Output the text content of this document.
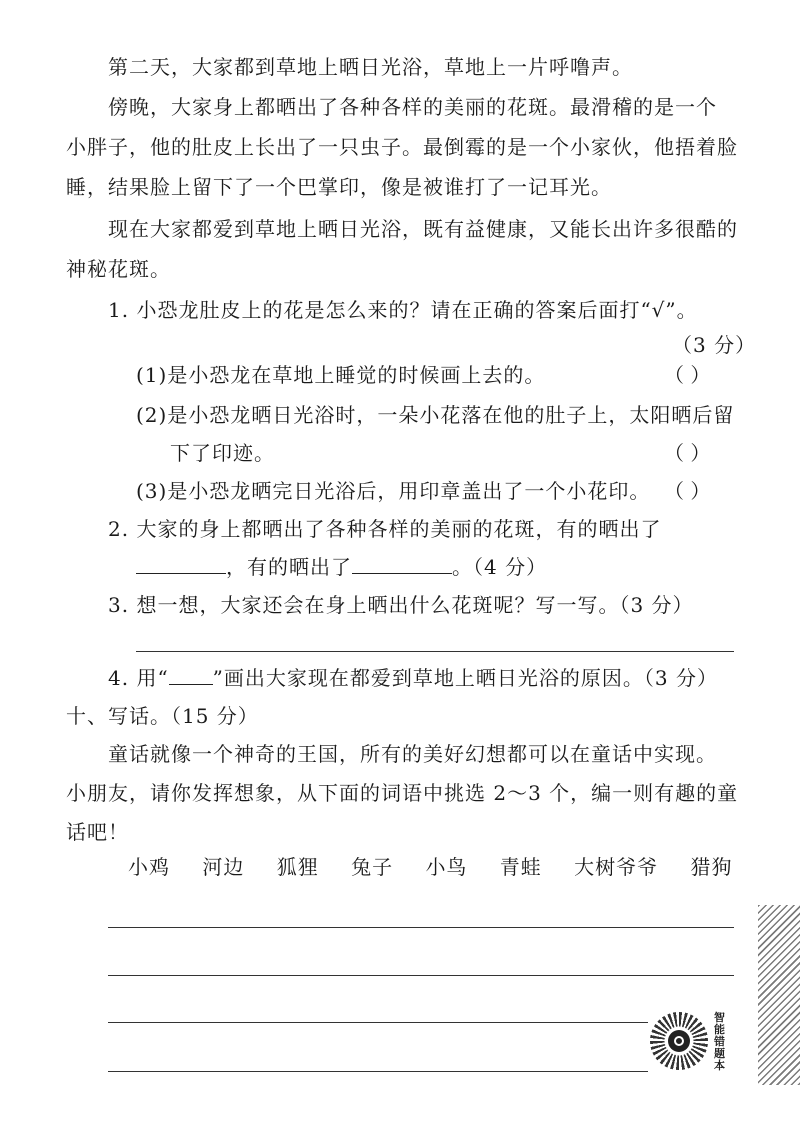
第二天，大家都到草地上晒日光浴，草地上一片呼噜声。
傍晚，大家身上都晒出了各种各样的美丽的花斑。最滑稽的是一个
小胖子，他的肚皮上长出了一只虫子。最倒霉的是一个小家伙，他捂着脸
睡，结果脸上留下了一个巴掌印，像是被谁打了一记耳光。
现在大家都爱到草地上晒日光浴，既有益健康，又能长出许多很酷的
神秘花斑。
1. 小恐龙肚皮上的花是怎么来的？请在正确的答案后面打“√”。
（3 分）
(1)是小恐龙在草地上睡觉的时候画上去的。	（ ）
(2)是小恐龙晒日光浴时，一朵小花落在他的肚子上，太阳晒后留
下了印迹。	（ ）
(3)是小恐龙晒完日光浴后，用印章盖出了一个小花印。 （ ）
2. 大家的身上都晒出了各种各样的美丽的花斑，有的晒出了
，有的晒出了	。（4 分）
3. 想一想，大家还会在身上晒出什么花斑呢？写一写。（3 分）
4. 用“ ”画出大家现在都爱到草地上晒日光浴的原因。（3 分）
十、写话。（15 分）
童话就像一个神奇的王国，所有的美好幻想都可以在童话中实现。
小朋友，请你发挥想象，从下面的词语中挑选 2～3 个，编一则有趣的童
话吧！
小鸡 河边 狐狸 兔子 小鸟 青蛙 大树爷爷 猎狗
智能错题本
